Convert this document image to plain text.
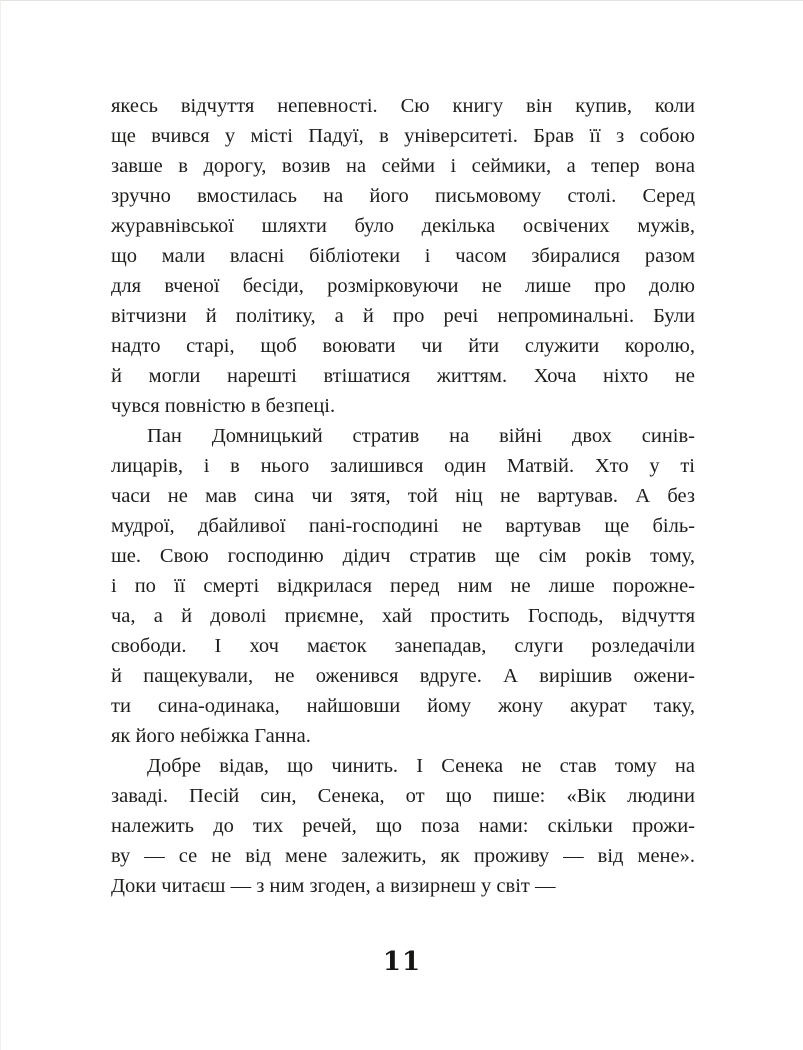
якесь відчуття непевності. Сю книгу він купив, коли
ще вчився у місті Падуї, в університеті. Брав її з собою
завше в дорогу, возив на сейми і сеймики, а тепер вона
зручно вмостилась на його письмовому столі. Серед
журавнівської шляхти було декілька освічених мужів,
що мали власні бібліотеки і часом збиралися разом
для вченої бесіди, розмірковуючи не лише про долю
вітчизни й політику, а й про речі непроминальні. Були
надто старі, щоб воювати чи йти служити королю,
й могли нарешті втішатися життям. Хоча ніхто не
чувся повністю в безпеці.
Пан Домницький стратив на війні двох синів-
лицарів, і в нього залишився один Матвій. Хто у ті
часи не мав сина чи зятя, той ніц не вартував. А без
мудрої, дбайливої пані-господині не вартував ще біль-
ше. Свою господиню дідич стратив ще сім років тому,
і по її смерті відкрилася перед ним не лише порожне-
ча, а й доволі приємне, хай простить Господь, відчуття
свободи. І хоч маєток занепадав, слуги розледачіли
й пащекували, не оженився вдруге. А вирішив ожени-
ти сина-одинака, найшовши йому жону акурат таку,
як його небіжка Ганна.
Добре відав, що чинить. І Сенека не став тому на
заваді. Песій син, Сенека, от що пише: «Вік людини
належить до тих речей, що поза нами: скільки прожи-
ву — се не від мене залежить, як проживу — від мене».
Доки читаєш — з ним згоден, а визирнеш у світ —
11
